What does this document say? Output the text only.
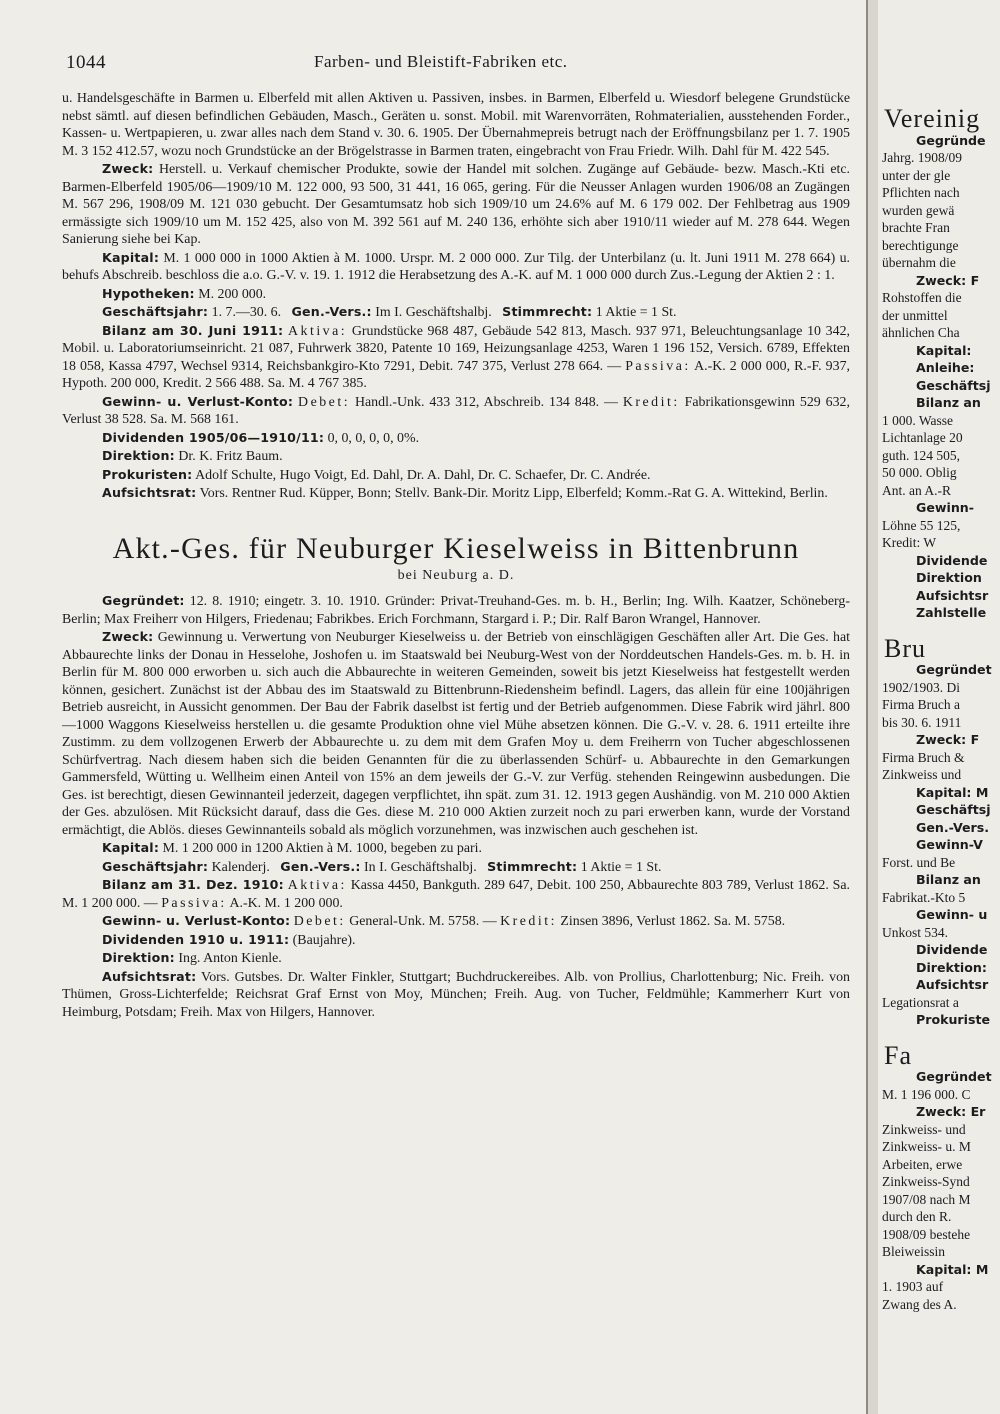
1044	Farben- und Bleistift-Fabriken etc.

u. Handelsgeschäfte in Barmen u. Elberfeld mit allen Aktiven u. Passiven, insbes. in Barmen, Elberfeld u. Wiesdorf belegene Grundstücke nebst sämtl. auf diesen befindlichen Gebäuden, Masch., Geräten u. sonst. Mobil. mit Warenvorräten, Rohmaterialien, ausstehenden Forder., Kassen- u. Wertpapieren, u. zwar alles nach dem Stand v. 30. 6. 1905. Der Übernahmepreis betrugt nach der Eröffnungsbilanz per 1. 7. 1905 M. 3 152 412.57, wozu noch Grundstücke an der Brögelstrasse in Barmen traten, eingebracht von Frau Friedr. Wilh. Dahl für M. 422 545.

Zweck: Herstell. u. Verkauf chemischer Produkte, sowie der Handel mit solchen. Zugänge auf Gebäude- bezw. Masch.-Kti etc. Barmen-Elberfeld 1905/06—1909/10 M. 122 000, 93 500, 31 441, 16 065, gering. Für die Neusser Anlagen wurden 1906/08 an Zugängen M. 567 296, 1908/09 M. 121 030 gebucht. Der Gesamtumsatz hob sich 1909/10 um 24.6% auf M. 6 179 002. Der Fehlbetrag aus 1909 ermässigte sich 1909/10 um M. 152 425, also von M. 392 561 auf M. 240 136, erhöhte sich aber 1910/11 wieder auf M. 278 644. Wegen Sanierung siehe bei Kap.

Kapital: M. 1 000 000 in 1000 Aktien à M. 1000. Urspr. M. 2 000 000. Zur Tilg. der Unterbilanz (u. lt. Juni 1911 M. 278 664) u. behufs Abschreib. beschloss die a.o. G.-V. v. 19. 1. 1912 die Herabsetzung des A.-K. auf M. 1 000 000 durch Zus.-Legung der Aktien 2 : 1.

Hypotheken: M. 200 000.

Geschäftsjahr: 1. 7.—30. 6. Gen.-Vers.: Im I. Geschäftshalbj. Stimmrecht: 1 Aktie = 1 St.

Bilanz am 30. Juni 1911: Aktiva: Grundstücke 968 487, Gebäude 542 813, Masch. 937 971, Beleuchtungsanlage 10 342, Mobil. u. Laboratoriumseinricht. 21 087, Fuhrwerk 3820, Patente 10 169, Heizungsanlage 4253, Waren 1 196 152, Versich. 6789, Effekten 18 058, Kassa 4797, Wechsel 9314, Reichsbankgiro-Kto 7291, Debit. 747 375, Verlust 278 664. — Passiva: A.-K. 2 000 000, R.-F. 937, Hypoth. 200 000, Kredit. 2 566 488. Sa. M. 4 767 385.

Gewinn- u. Verlust-Konto: Debet: Handl.-Unk. 433 312, Abschreib. 134 848. — Kredit: Fabrikationsgewinn 529 632, Verlust 38 528. Sa. M. 568 161.

Dividenden 1905/06—1910/11: 0, 0, 0, 0, 0, 0%.

Direktion: Dr. K. Fritz Baum.

Prokuristen: Adolf Schulte, Hugo Voigt, Ed. Dahl, Dr. A. Dahl, Dr. C. Schaefer, Dr. C. Andrée.

Aufsichtsrat: Vors. Rentner Rud. Küpper, Bonn; Stellv. Bank-Dir. Moritz Lipp, Elberfeld; Komm.-Rat G. A. Wittekind, Berlin.

Akt.-Ges. für Neuburger Kieselweiss in Bittenbrunn
bei Neuburg a. D.

Gegründet: 12. 8. 1910; eingetr. 3. 10. 1910. Gründer: Privat-Treuhand-Ges. m. b. H., Berlin; Ing. Wilh. Kaatzer, Schöneberg-Berlin; Max Freiherr von Hilgers, Friedenau; Fabrikbes. Erich Forchmann, Stargard i. P.; Dir. Ralf Baron Wrangel, Hannover.

Zweck: Gewinnung u. Verwertung von Neuburger Kieselweiss u. der Betrieb von einschlägigen Geschäften aller Art. Die Ges. hat Abbaurechte links der Donau in Hesselohe, Joshofen u. im Staatswald bei Neuburg-West von der Norddeutschen Handels-Ges. m. b. H. in Berlin für M. 800 000 erworben u. sich auch die Abbaurechte in weiteren Gemeinden, soweit bis jetzt Kieselweiss hat festgestellt werden können, gesichert. Zunächst ist der Abbau des im Staatswald zu Bittenbrunn-Riedensheim befindl. Lagers, das allein für eine 100jährigen Betrieb ausreicht, in Aussicht genommen. Der Bau der Fabrik daselbst ist fertig und der Betrieb aufgenommen. Diese Fabrik wird jährl. 800—1000 Waggons Kieselweiss herstellen u. die gesamte Produktion ohne viel Mühe absetzen können. Die G.-V. v. 28. 6. 1911 erteilte ihre Zustimm. zu dem vollzogenen Erwerb der Abbaurechte u. zu dem mit dem Grafen Moy u. dem Freiherrn von Tucher abgeschlossenen Schürfvertrag. Nach diesem haben sich die beiden Genannten für die zu überlassenden Schürf- u. Abbaurechte in den Gemarkungen Gammersfeld, Wütting u. Wellheim einen Anteil von 15% an dem jeweils der G.-V. zur Verfüg. stehenden Reingewinn ausbedungen. Die Ges. ist berechtigt, diesen Gewinnanteil jederzeit, dagegen verpflichtet, ihn spät. zum 31. 12. 1913 gegen Aushändig. von M. 210 000 Aktien der Ges. abzulösen. Mit Rücksicht darauf, dass die Ges. diese M. 210 000 Aktien zurzeit noch zu pari erwerben kann, wurde der Vorstand ermächtigt, die Ablös. dieses Gewinnanteils sobald als möglich vorzunehmen, was inzwischen auch geschehen ist.

Kapital: M. 1 200 000 in 1200 Aktien à M. 1000, begeben zu pari.

Geschäftsjahr: Kalenderj. Gen.-Vers.: In I. Geschäftshalbj. Stimmrecht: 1 Aktie = 1 St.

Bilanz am 31. Dez. 1910: Aktiva: Kassa 4450, Bankguth. 289 647, Debit. 100 250, Abbaurechte 803 789, Verlust 1862. Sa. M. 1 200 000. — Passiva: A.-K. M. 1 200 000.

Gewinn- u. Verlust-Konto: Debet: General-Unk. M. 5758. — Kredit: Zinsen 3896, Verlust 1862. Sa. M. 5758.

Dividenden 1910 u. 1911: (Baujahre).

Direktion: Ing. Anton Kienle.

Aufsichtsrat: Vors. Gutsbes. Dr. Walter Finkler, Stuttgart; Buchdruckereibes. Alb. von Prollius, Charlottenburg; Nic. Freih. von Thümen, Gross-Lichterfelde; Reichsrat Graf Ernst von Moy, München; Freih. Aug. von Tucher, Feldmühle; Kammerherr Kurt von Heimburg, Potsdam; Freih. Max von Hilgers, Hannover.

Vereinig
Gegründe
Jahrg. 1908/09
unter der gle
Pflichten nach
wurden gewä
brachte Fran
berechtigunge
übernahm die
Zweck: F
Rohstoffen die
der unmittel
ähnlichen Cha
Kapital:
Anleihe:
Geschäftsj
Bilanz an
1 000. Wasse
Lichtanlage 20
guth. 124 505,
50 000. Oblig
Ant. an A.-R
Gewinn-
Löhne 55 125,
Kredit: W
Dividende
Direktion
Aufsichtsr
Zahlstelle
Bru
Gegründet
1902/1903. Di
Firma Bruch a
bis 30. 6. 1911
Zweck: F
Firma Bruch &
Zinkweiss und
Kapital: M
Geschäftsj
Gen.-Vers.
Gewinn-V
Forst. und Be
Bilanz an
Fabrikat.-Kto 5
Gewinn- u
Unkost 534.
Dividende
Direktion:
Aufsichtsr
Legationsrat a
Prokuriste
Fa
Gegründet
M. 1 196 000. C
Zweck: Er
Zinkweiss- und
Zinkweiss- u. M
Arbeiten, erwe
Zinkweiss-Synd
1907/08 nach M
durch den R.
1908/09 bestehe
Bleiweissin
Kapital: M
1. 1903 auf
Zwang des A.
